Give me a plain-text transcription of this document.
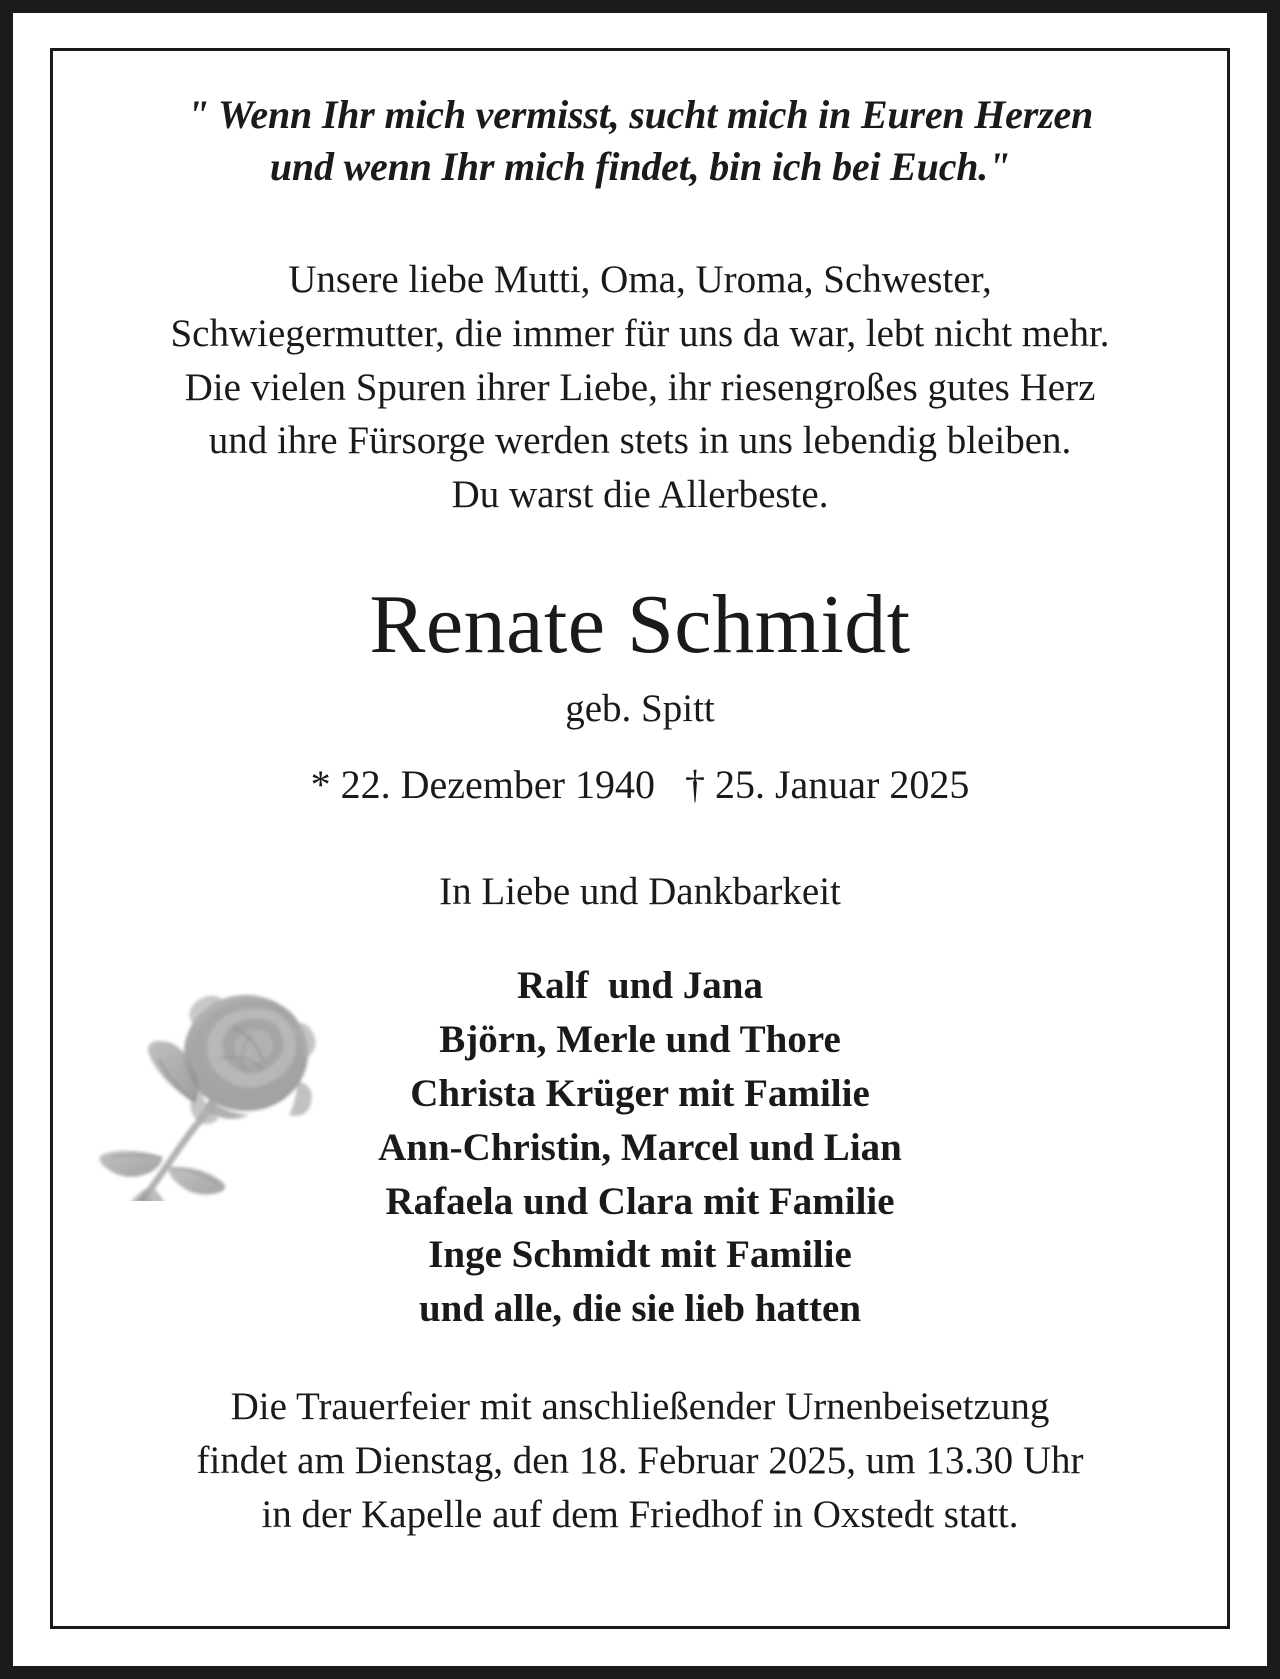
" Wenn Ihr mich vermisst, sucht mich in Euren Herzen
und wenn Ihr mich findet, bin ich bei Euch."

Unsere liebe Mutti, Oma, Uroma, Schwester,
Schwiegermutter, die immer für uns da war, lebt nicht mehr.
Die vielen Spuren ihrer Liebe, ihr riesengroßes gutes Herz
und ihre Fürsorge werden stets in uns lebendig bleiben.
Du warst die Allerbeste.

Renate Schmidt

geb. Spitt

* 22. Dezember 1940   † 25. Januar 2025

In Liebe und Dankbarkeit

Ralf  und Jana
Björn, Merle und Thore
Christa Krüger mit Familie
Ann-Christin, Marcel und Lian
Rafaela und Clara mit Familie
Inge Schmidt mit Familie
und alle, die sie lieb hatten

Die Trauerfeier mit anschließender Urnenbeisetzung
findet am Dienstag, den 18. Februar 2025, um 13.30 Uhr
in der Kapelle auf dem Friedhof in Oxstedt statt.
